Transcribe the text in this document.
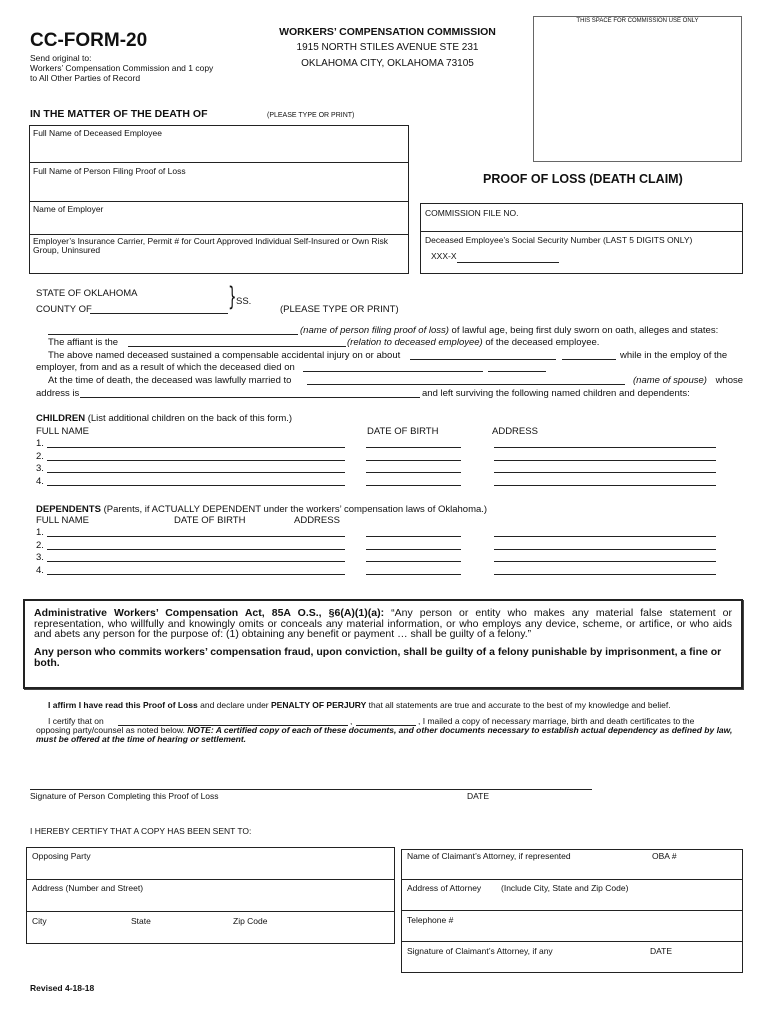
CC-FORM-20
Send original to:
Workers’ Compensation Commission and 1 copy
to All Other Parties of Record
WORKERS’ COMPENSATION COMMISSION
1915 NORTH STILES AVENUE STE 231
OKLAHOMA CITY, OKLAHOMA 73105
THIS SPACE FOR COMMISSION USE ONLY
IN THE MATTER OF THE DEATH OF	(PLEASE TYPE OR PRINT)
Full Name of Deceased Employee
Full Name of Person Filing Proof of Loss
Name of Employer
Employer’s Insurance Carrier, Permit # for Court Approved Individual Self-Insured or Own Risk Group, Uninsured
PROOF OF LOSS (DEATH CLAIM)
COMMISSION FILE NO.
Deceased Employee’s Social Security Number (LAST 5 DIGITS ONLY)
XXX-X
STATE OF OKLAHOMA
COUNTY OF	} SS.
(PLEASE TYPE OR PRINT)
(name of person filing proof of loss) of lawful age, being first duly sworn on oath, alleges and states:
The affiant is the	(relation to deceased employee) of the deceased employee.
The above named deceased sustained a compensable accidental injury on or about	while in the employ of the
employer, from and as a result of which the deceased died on
At the time of death, the deceased was lawfully married to	(name of spouse) whose
address is	and left surviving the following named children and dependents:
CHILDREN (List additional children on the back of this form.)
FULL NAME	DATE OF BIRTH	ADDRESS
1.
2.
3.
4.
DEPENDENTS (Parents, if ACTUALLY DEPENDENT under the workers’ compensation laws of Oklahoma.)
FULL NAME	DATE OF BIRTH	ADDRESS
1.
2.
3.
4.
Administrative Workers’ Compensation Act, 85A O.S., §6(A)(1)(a): “Any person or entity who makes any material false statement or representation, who willfully and knowingly omits or conceals any material information, or who employs any device, scheme, or artifice, or who aids and abets any person for the purpose of: (1) obtaining any benefit or payment … shall be guilty of a felony.”
Any person who commits workers’ compensation fraud, upon conviction, shall be guilty of a felony punishable by imprisonment, a fine or both.
I affirm I have read this Proof of Loss and declare under PENALTY OF PERJURY that all statements are true and accurate to the best of my knowledge and belief.
I certify that on	,	, I mailed a copy of necessary marriage, birth and death certificates to the
opposing party/counsel as noted below. NOTE: A certified copy of each of these documents, and other documents necessary to establish actual dependency as defined by law, must be offered at the time of hearing or settlement.
Signature of Person Completing this Proof of Loss	DATE
I HEREBY CERTIFY THAT A COPY HAS BEEN SENT TO:
Opposing Party
Address (Number and Street)
City	State	Zip Code
Name of Claimant’s Attorney, if represented	OBA #
Address of Attorney (Include City, State and Zip Code)
Telephone #
Signature of Claimant’s Attorney, if any	DATE
Revised 4-18-18
